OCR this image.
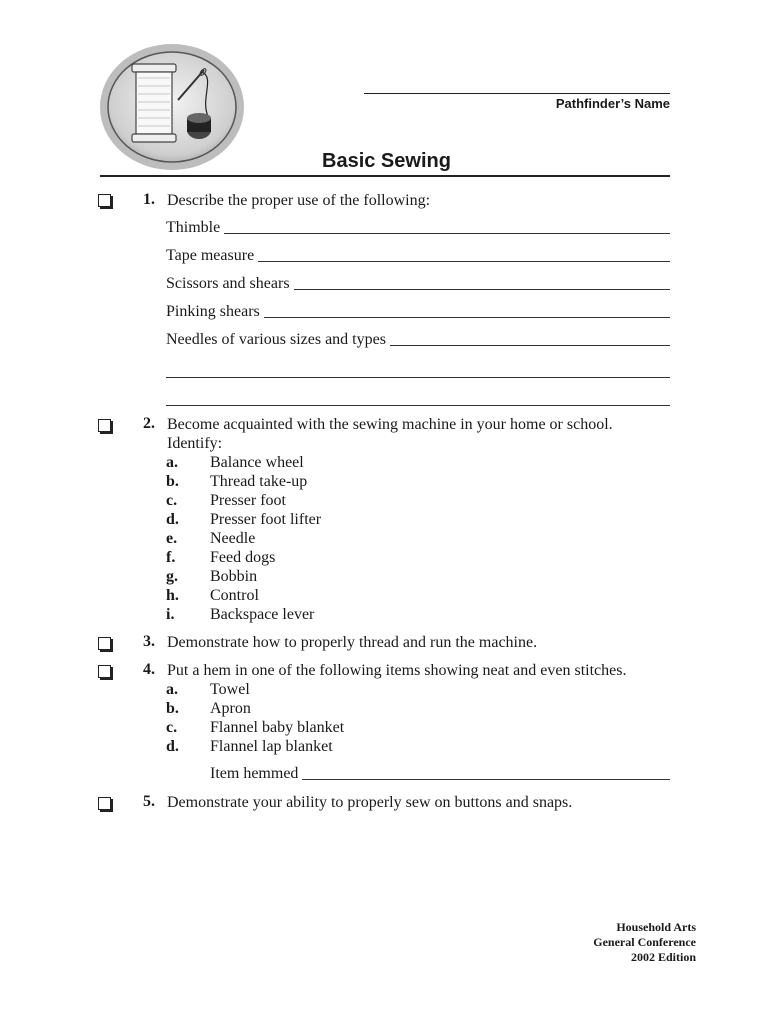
Pathfinder’s Name
Basic Sewing
1. Describe the proper use of the following:
Thimble
Tape measure
Scissors and shears
Pinking shears
Needles of various sizes and types
2. Become acquainted with the sewing machine in your home or school.
Identify:
a. Balance wheel
b. Thread take-up
c. Presser foot
d. Presser foot lifter
e. Needle
f. Feed dogs
g. Bobbin
h. Control
i. Backspace lever
3. Demonstrate how to properly thread and run the machine.
4. Put a hem in one of the following items showing neat and even stitches.
a. Towel
b. Apron
c. Flannel baby blanket
d. Flannel lap blanket
Item hemmed
5. Demonstrate your ability to properly sew on buttons and snaps.
Household Arts
General Conference
2002 Edition
